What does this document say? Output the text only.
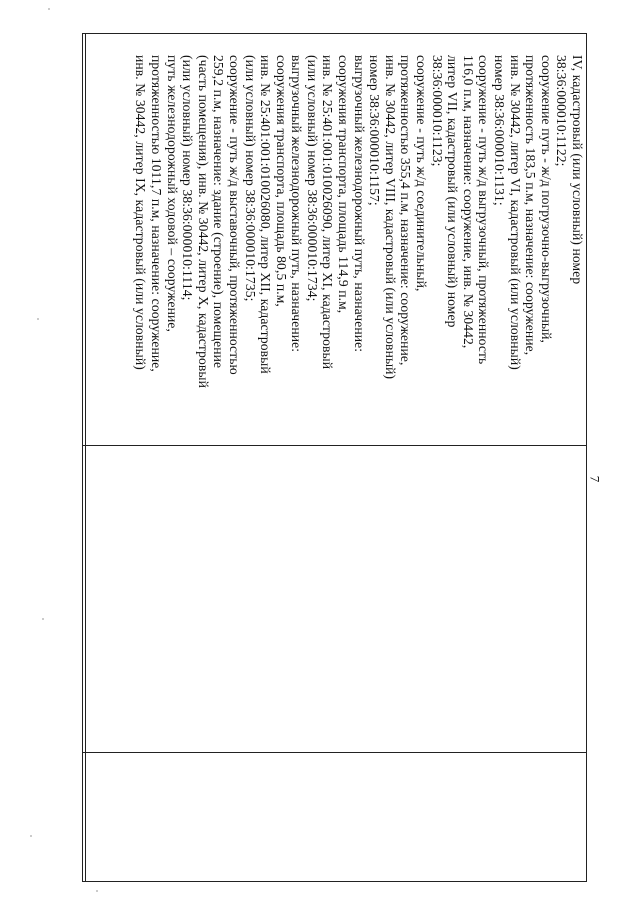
IV, кадастровый (или условный) номер
38:36:000010:1122;
сооружение путь - ж/д погрузочно-выгрузочный,
протяженность 183,5 п.м, назначение: сооружение,
инв. № 30442, литер VI, кадастровый (или условный)
номер 38:36:000010:1131;
сооружение - путь ж/д выгрузочный, протяженность
116,0 п.м, назначение: сооружение, инв. № 30442,
литер VII, кадастровый (или условный) номер
38:36:000010:1123;
сооружение - путь ж/д соединительный,
протяженностью 355,4 п.м, назначение: сооружение,
инв. № 30442, литер VIII, кадастровый (или условный)
номер 38:36:000010:1157;
выгрузочный железнодорожный путь, назначение:
сооружения транспорта, площадь 114,9 п.м,
инв. № 25:401:001:010026090, литер XI, кадастровый
(или условный) номер 38:36:000010:1734;
выгрузочный железнодорожный путь, назначение:
сооружения транспорта, площадь 80,5 п.м,
инв. № 25:401:001:010026080, литер XII, кадастровый
(или условный) номер 38:36:000010:1735;
сооружение - путь ж/д выставочный, протяженностью
259,2 п.м, назначение: здание (строение), помещение
(часть помещения), инв. № 30442, литер X, кадастровый
(или условный) номер 38:36:000010:1114;
путь железнодорожный ходовой – сооружение,
протяженностью 1011,7 п.м, назначение: сооружение,
инв. № 30442, литер IX, кадастровый (или условный)
7
